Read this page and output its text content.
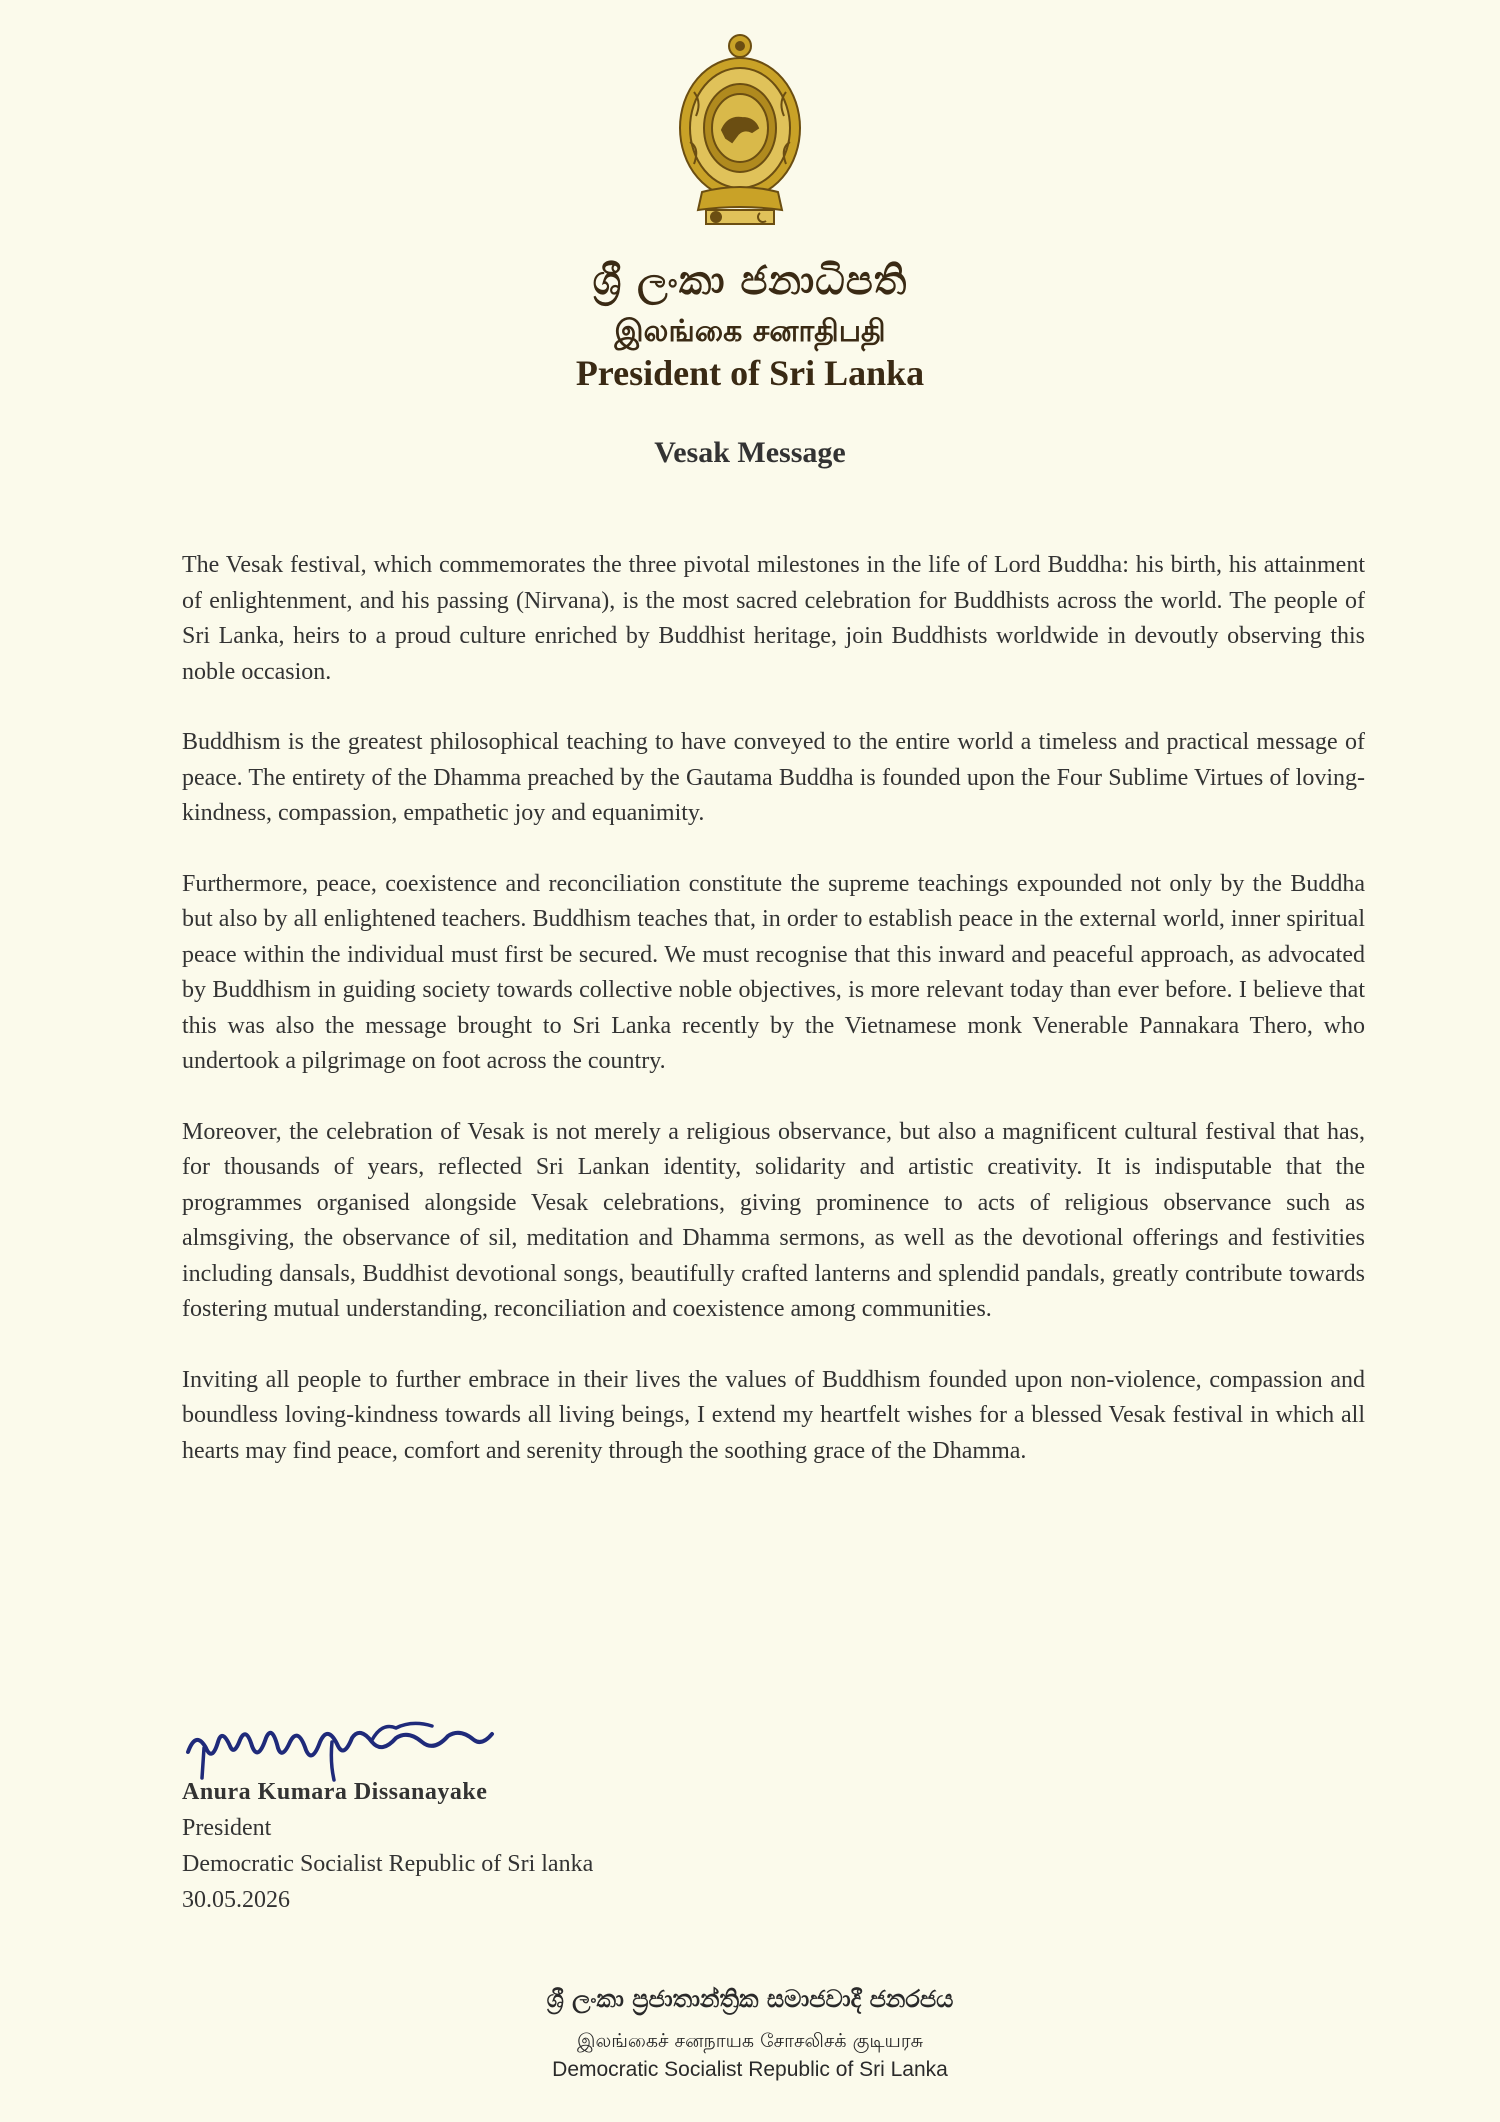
ශ්‍රී ලංකා ජනාධිපති
இலங்கை சனாதிபதி
President of Sri Lanka
Vesak Message

The Vesak festival, which commemorates the three pivotal milestones in the life of Lord Buddha: his birth, his attainment of enlightenment, and his passing (Nirvana), is the most sacred celebration for Buddhists across the world. The people of Sri Lanka, heirs to a proud culture enriched by Buddhist heritage, join Buddhists worldwide in devoutly observing this noble occasion.

Buddhism is the greatest philosophical teaching to have conveyed to the entire world a timeless and practical message of peace. The entirety of the Dhamma preached by the Gautama Buddha is founded upon the Four Sublime Virtues of loving-kindness, compassion, empathetic joy and equanimity.

Furthermore, peace, coexistence and reconciliation constitute the supreme teachings expounded not only by the Buddha but also by all enlightened teachers. Buddhism teaches that, in order to establish peace in the external world, inner spiritual peace within the individual must first be secured. We must recognise that this inward and peaceful approach, as advocated by Buddhism in guiding society towards collective noble objectives, is more relevant today than ever before. I believe that this was also the message brought to Sri Lanka recently by the Vietnamese monk Venerable Pannakara Thero, who undertook a pilgrimage on foot across the country.

Moreover, the celebration of Vesak is not merely a religious observance, but also a magnificent cultural festival that has, for thousands of years, reflected Sri Lankan identity, solidarity and artistic creativity. It is indisputable that the programmes organised alongside Vesak celebrations, giving prominence to acts of religious observance such as almsgiving, the observance of sil, meditation and Dhamma sermons, as well as the devotional offerings and festivities including dansals, Buddhist devotional songs, beautifully crafted lanterns and splendid pandals, greatly contribute towards fostering mutual understanding, reconciliation and coexistence among communities.

Inviting all people to further embrace in their lives the values of Buddhism founded upon non-violence, compassion and boundless loving-kindness towards all living beings, I extend my heartfelt wishes for a blessed Vesak festival in which all hearts may find peace, comfort and serenity through the soothing grace of the Dhamma.

Anura Kumara Dissanayake
President
Democratic Socialist Republic of Sri lanka
30.05.2026
ශ්‍රී ලංකා ප්‍රජාතාන්ත්‍රික සමාජවාදී ජනරජය
இலங்கைச் சனநாயக சோசலிசக் குடியரசு
Democratic Socialist Republic of Sri Lanka
